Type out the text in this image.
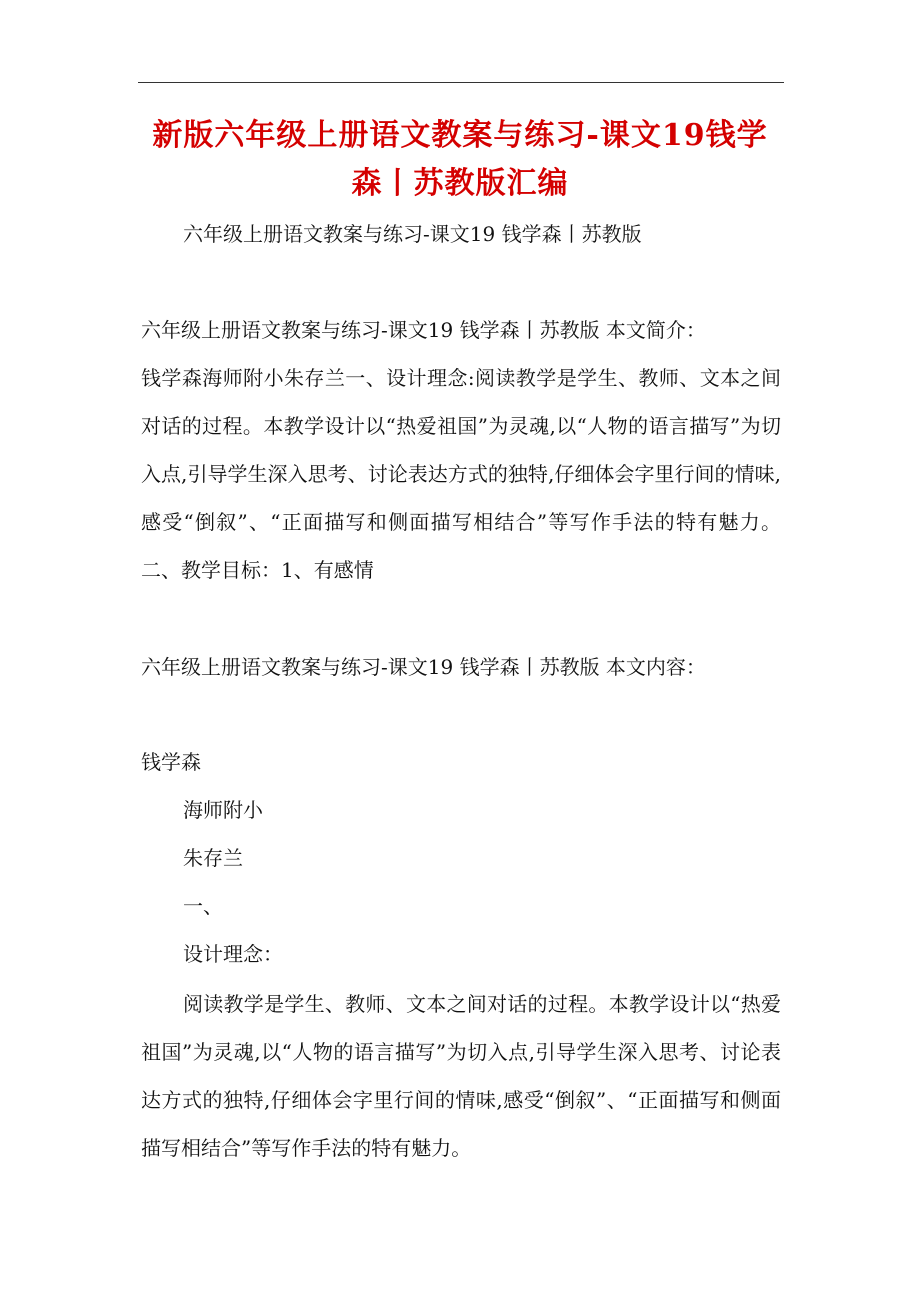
新版六年级上册语文教案与练习-课文19钱学森丨苏教版汇编
六年级上册语文教案与练习-课文19 钱学森丨苏教版
六年级上册语文教案与练习-课文19 钱学森丨苏教版 本文简介：
钱学森海师附小朱存兰一、设计理念:阅读教学是学生、教师、文本之间对话的过程。本教学设计以“热爱祖国”为灵魂,以“人物的语言描写”为切入点,引导学生深入思考、讨论表达方式的独特,仔细体会字里行间的情味,感受“倒叙”、“正面描写和侧面描写相结合”等写作手法的特有魅力。二、教学目标：1、有感情
六年级上册语文教案与练习-课文19 钱学森丨苏教版 本文内容：
钱学森
海师附小
朱存兰
一、
设计理念：
阅读教学是学生、教师、文本之间对话的过程。本教学设计以“热爱祖国”为灵魂,以“人物的语言描写”为切入点,引导学生深入思考、讨论表达方式的独特,仔细体会字里行间的情味,感受“倒叙”、“正面描写和侧面描写相结合”等写作手法的特有魅力。
